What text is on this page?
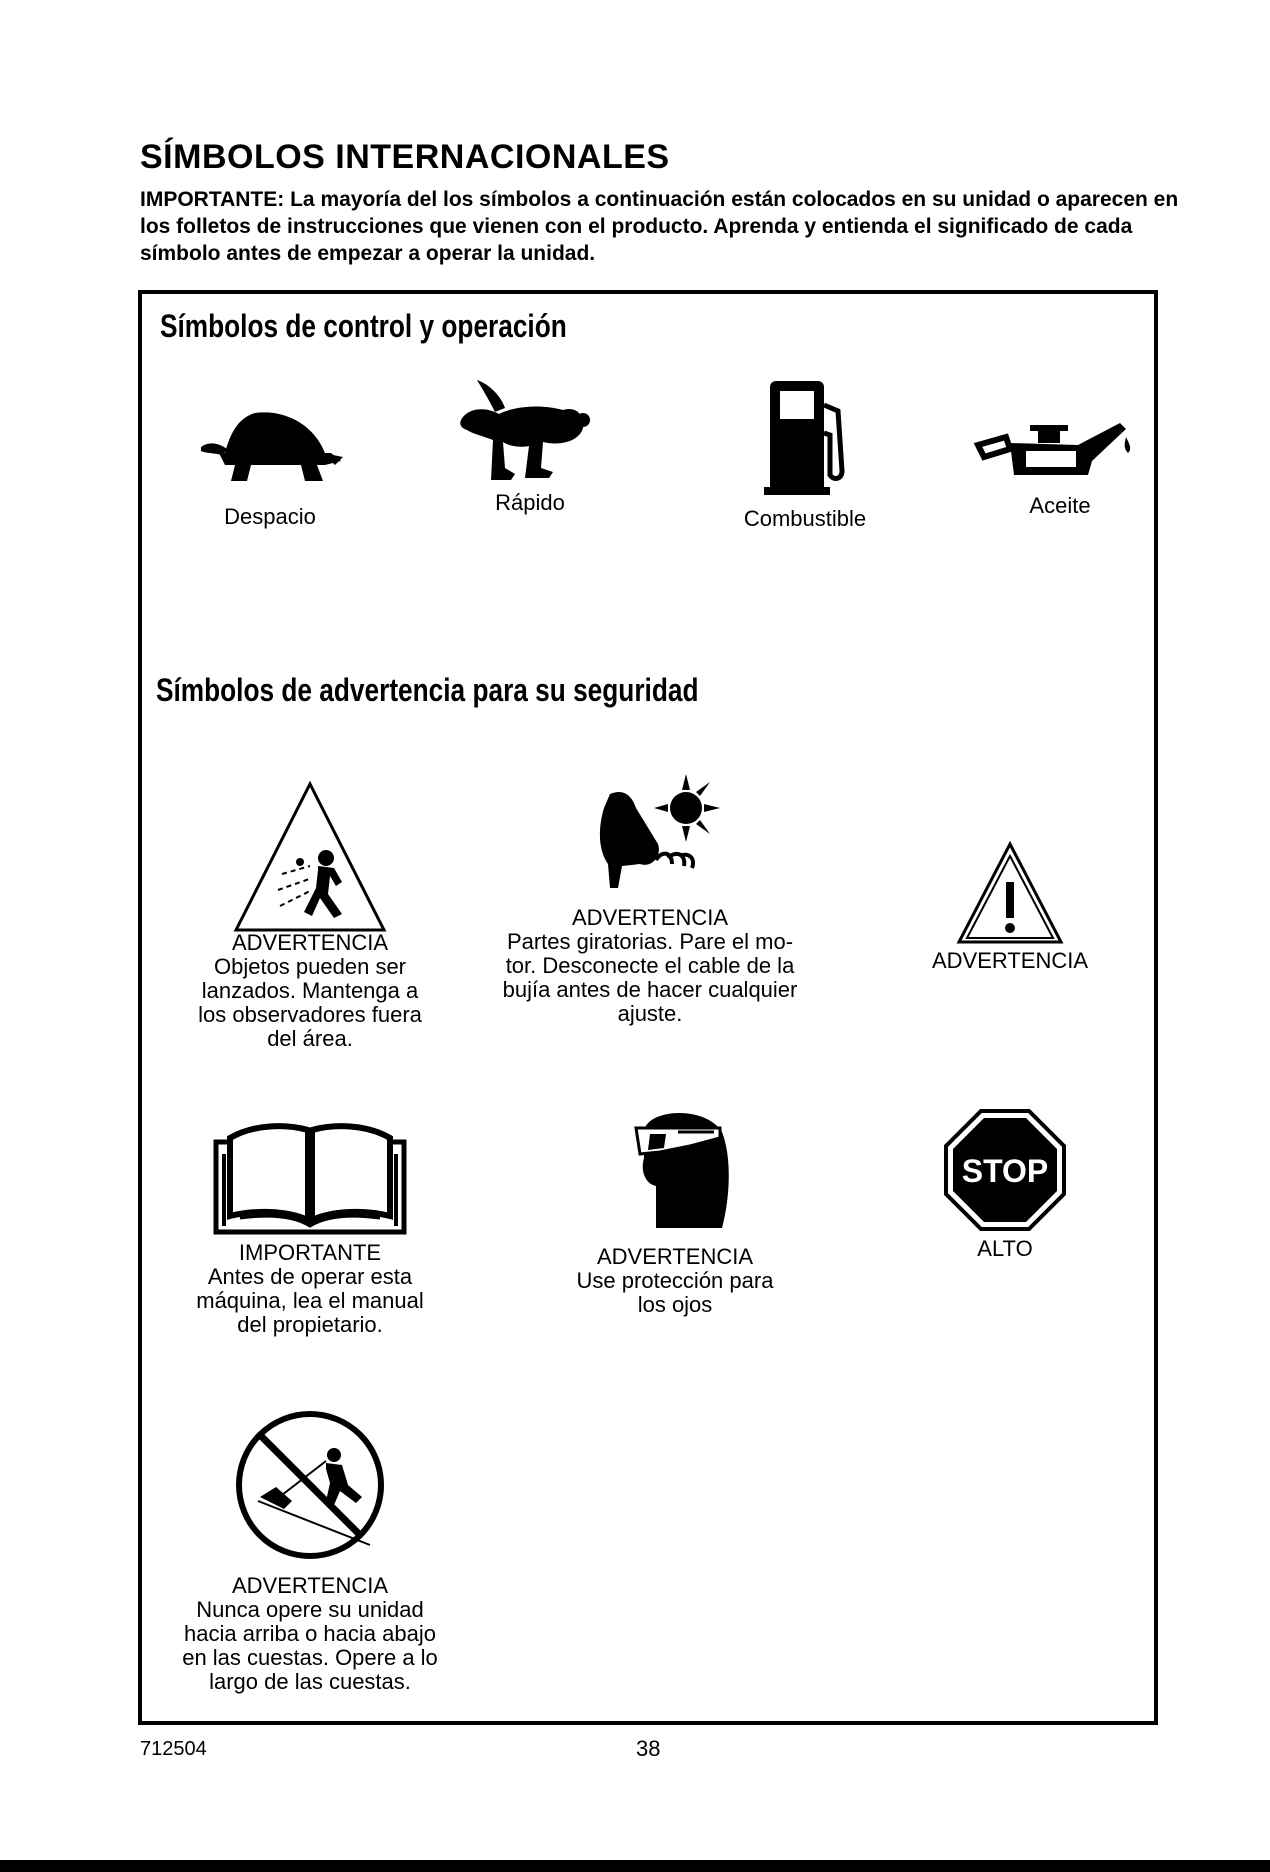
SÍMBOLOS INTERNACIONALES

IMPORTANTE: La mayoría del los símbolos a continuación están colocados en su unidad o aparecen en los folletos de instrucciones que vienen con el producto. Aprenda y entienda el significado de cada símbolo antes de empezar a operar la unidad.

Símbolos de control y operación
Despacio
Rápido
Combustible
Aceite
Símbolos de advertencia para su seguridad
ADVERTENCIA
Objetos pueden ser
lanzados. Mantenga a
los observadores fuera
del área.
ADVERTENCIA
Partes giratorias. Pare el mo-
tor. Desconecte el cable de la
bujía antes de hacer cualquier
ajuste.
ADVERTENCIA
IMPORTANTE
Antes de operar esta
máquina, lea el manual
del propietario.
ADVERTENCIA
Use protección para
los ojos
STOP
ALTO
ADVERTENCIA
Nunca opere su unidad
hacia arriba o hacia abajo
en las cuestas. Opere a lo
largo de las cuestas.
712504	38
